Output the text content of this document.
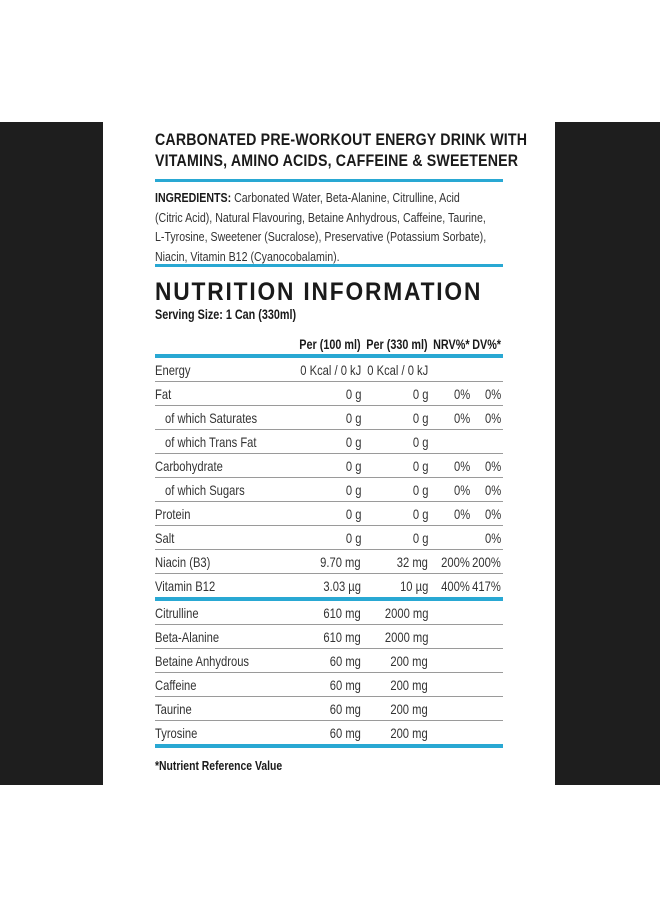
CARBONATED PRE-WORKOUT ENERGY DRINK WITH
VITAMINS, AMINO ACIDS, CAFFEINE & SWEETENER
INGREDIENTS: Carbonated Water, Beta-Alanine, Citrulline, Acid (Citric Acid), Natural Flavouring, Betaine Anhydrous, Caffeine, Taurine, L-Tyrosine, Sweetener (Sucralose), Preservative (Potassium Sorbate), Niacin, Vitamin B12 (Cyanocobalamin).
NUTRITION INFORMATION
Serving Size: 1 Can (330ml)
Per (100 ml) Per (330 ml) NRV%* DV%*
Energy	0 Kcal / 0 kJ 0 Kcal / 0 kJ
Fat	0 g	0 g 0% 0%
of which Saturates	0 g	0 g 0% 0%
of which Trans Fat	0 g	0 g
Carbohydrate	0 g	0 g 0% 0%
of which Sugars	0 g	0 g 0% 0%
Protein	0 g	0 g 0% 0%
Salt	0 g	0 g	0%
Niacin (B3)	9.70 mg	32 mg 200% 200%
Vitamin B12	3.03 µg	10 µg 400% 417%
Citrulline	610 mg 2000 mg
Beta-Alanine	610 mg 2000 mg
Betaine Anhydrous	60 mg 200 mg
Caffeine	60 mg 200 mg
Taurine	60 mg 200 mg
Tyrosine	60 mg 200 mg
*Nutrient Reference Value
